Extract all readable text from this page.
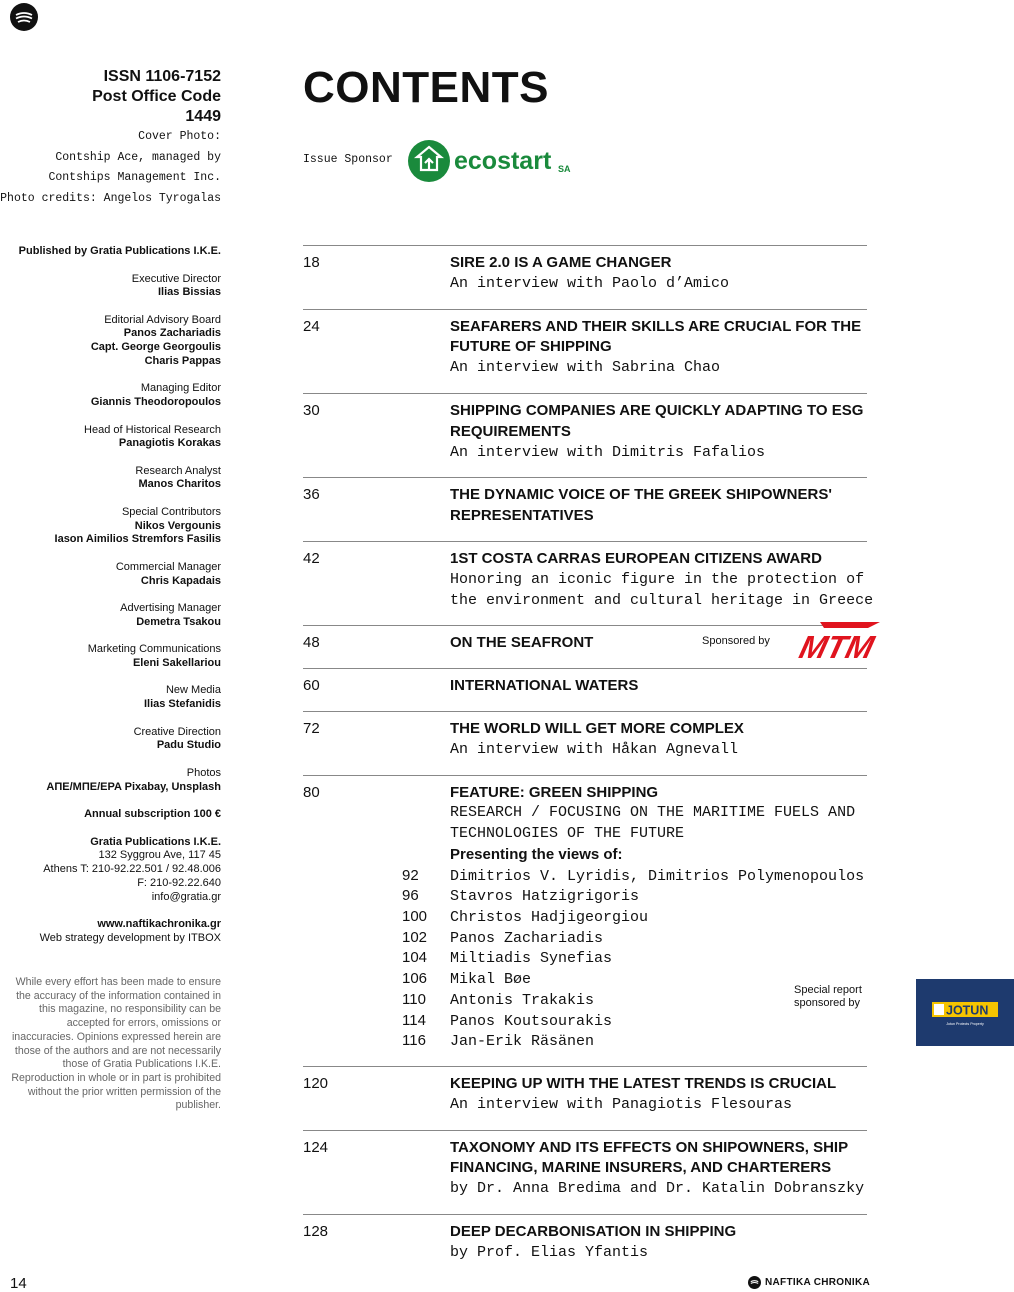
ISSN 1106-7152
Post Office Code
1449
Cover Photo:
Contship Ace, managed by
Contships Management Inc.
Photo credits: Angelos Tyrogalas
Published by Gratia Publications I.K.E.
Executive Director
Ilias Bissias
Editorial Advisory Board
Panos Zachariadis
Capt. George Georgoulis
Charis Pappas
Managing Editor
Giannis Theodoropoulos
Head of Historical Research
Panagiotis Korakas
Research Analyst
Manos Charitos
Special Contributors
Nikos Vergounis
Iason Aimilios Stremfors Fasilis
Commercial Manager
Chris Kapadais
Advertising Manager
Demetra Tsakou
Marketing Communications
Eleni Sakellariou
New Media
Ilias Stefanidis
Creative Direction
Padu Studio
Photos
ΑΠΕ/ΜΠΕ/EPA Pixabay, Unsplash
Annual subscription 100 €
Gratia Publications I.K.E.
132 Syggrou Ave, 117 45
Athens T: 210-92.22.501 / 92.48.006
F: 210-92.22.640
info@gratia.gr
www.naftikachronika.gr
Web strategy development by ITBOX
While every effort has been made to ensure the accuracy of the information contained in this magazine, no responsibility can be accepted for errors, omissions or inaccuracies. Opinions expressed herein are those of the authors and are not necessarily those of Gratia Publications I.K.E. Reproduction in whole or in part is prohibited without the prior written permission of the publisher.
CONTENTS
Issue Sponsor ecostart SA
18	SIRE 2.0 IS A GAME CHANGER
An interview with Paolo d’Amico
24	SEAFARERS AND THEIR SKILLS ARE CRUCIAL FOR THE FUTURE OF SHIPPING
An interview with Sabrina Chao
30	SHIPPING COMPANIES ARE QUICKLY ADAPTING TO ESG REQUIREMENTS
An interview with Dimitris Fafalios
36	THE DYNAMIC VOICE OF THE GREEK SHIPOWNERS' REPRESENTATIVES
42	1ST COSTA CARRAS EUROPEAN CITIZENS AWARD
Honoring an iconic figure in the protection of
the environment and cultural heritage in Greece
48	ON THE SEAFRONT	Sponsored by MTM
60	INTERNATIONAL WATERS
72	THE WORLD WILL GET MORE COMPLEX
An interview with Håkan Agnevall
80	FEATURE: GREEN SHIPPING
RESEARCH / FOCUSING ON THE MARITIME FUELS AND
TECHNOLOGIES OF THE FUTURE
Presenting the views of:
92	Dimitrios V. Lyridis, Dimitrios Polymenopoulos
96	Stavros Hatzigrigoris
100	Christos Hadjigeorgiou
102	Panos Zachariadis
104	Miltiadis Synefias
106	Mikal Bøe
110	Antonis Trakakis
114	Panos Koutsourakis
116	Jan-Erik Räsänen
Special report
sponsored by	JOTUN
Jotun Protects Property
120	KEEPING UP WITH THE LATEST TRENDS IS CRUCIAL
An interview with Panagiotis Flesouras
124	TAXONOMY AND ITS EFFECTS ON SHIPOWNERS, SHIP FINANCING, MARINE INSURERS, AND CHARTERERS
by Dr. Anna Bredima and Dr. Katalin Dobranszky
128	DEEP DECARBONISATION IN SHIPPING
by Prof. Elias Yfantis
14	NAFTIKA CHRONIKA
